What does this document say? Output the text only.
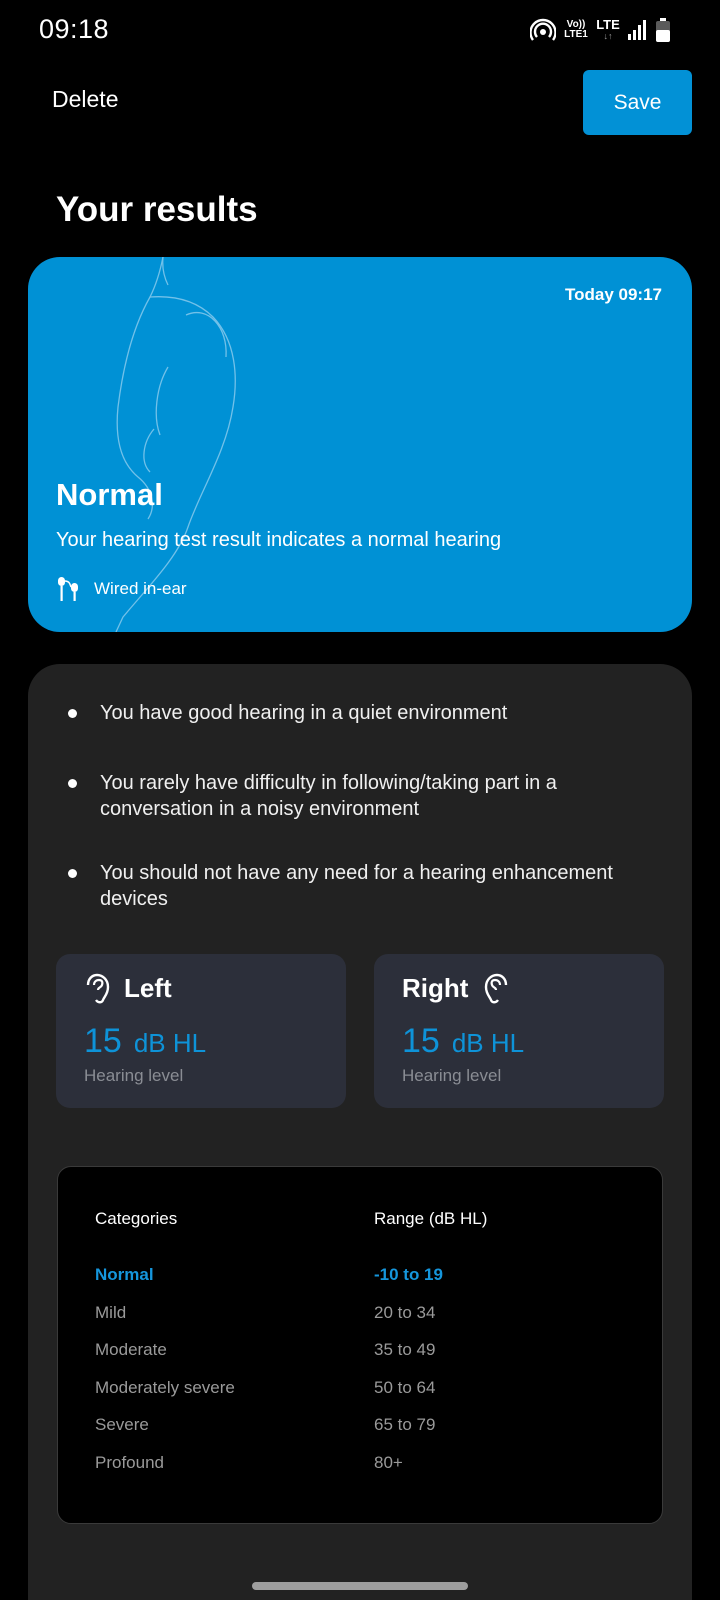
09:18	Vo))
LTE1
LTE
↓↑
Delete	Save
Your results
Today 09:17
Normal
Your hearing test result indicates a normal hearing
Wired in-ear
You have good hearing in a quiet environment
You rarely have difficulty in following/taking part in a conversation in a noisy environment
You should not have any need for a hearing enhancement devices
Left
15 dB HL
Hearing level
Right
15 dB HL
Hearing level
Categories	Range (dB HL)
Normal	-10 to 19
Mild	20 to 34
Moderate	35 to 49
Moderately severe	50 to 64
Severe	65 to 79
Profound	80+
